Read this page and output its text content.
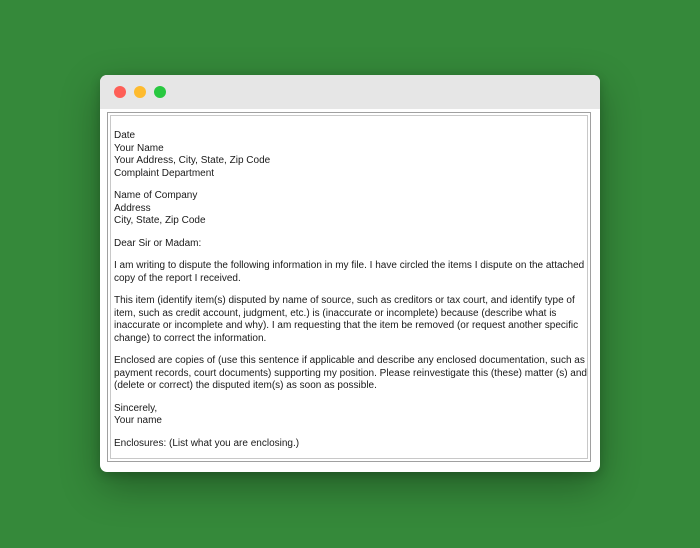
Date
Your Name
Your Address, City, State, Zip Code
Complaint Department

Name of Company
Address
City, State, Zip Code

Dear Sir or Madam:

I am writing to dispute the following information in my file. I have circled the items I dispute on the attached copy of the report I received.

This item (identify item(s) disputed by name of source, such as creditors or tax court, and identify type of item, such as credit account, judgment, etc.) is (inaccurate or incomplete) because (describe what is inaccurate or incomplete and why). I am requesting that the item be removed (or request another specific change) to correct the information.

Enclosed are copies of (use this sentence if applicable and describe any enclosed documentation, such as payment records, court documents) supporting my position. Please reinvestigate this (these) matter (s) and (delete or correct) the disputed item(s) as soon as possible.

Sincerely,
Your name

Enclosures: (List what you are enclosing.)
